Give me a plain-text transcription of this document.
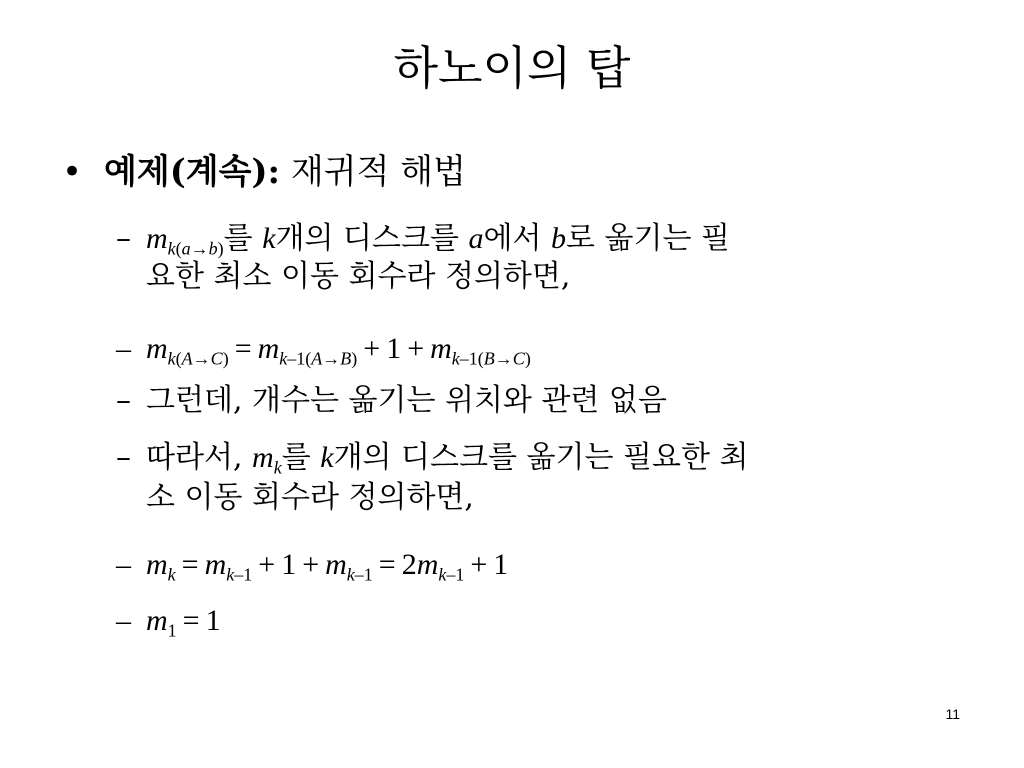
하노이의 탑
• 예제(계속): 재귀적 해법
– $m_{k(a\to b)}$를 k개의 디스크를 a에서 b로 옮기는 필
요한 최소 이동 회수라 정의하면,
– $m_{k(A\to C)} = m_{k-1(A\to B)} + 1 + m_{k-1(B\to C)}$
– 그런데, 개수는 옮기는 위치와 관련 없음
– 따라서, $m_k$를 k개의 디스크를 옮기는 필요한 최
소 이동 회수라 정의하면,
– $m_k = m_{k-1} + 1 + m_{k-1} = 2m_{k-1} + 1$
– $m_1 = 1$
11
